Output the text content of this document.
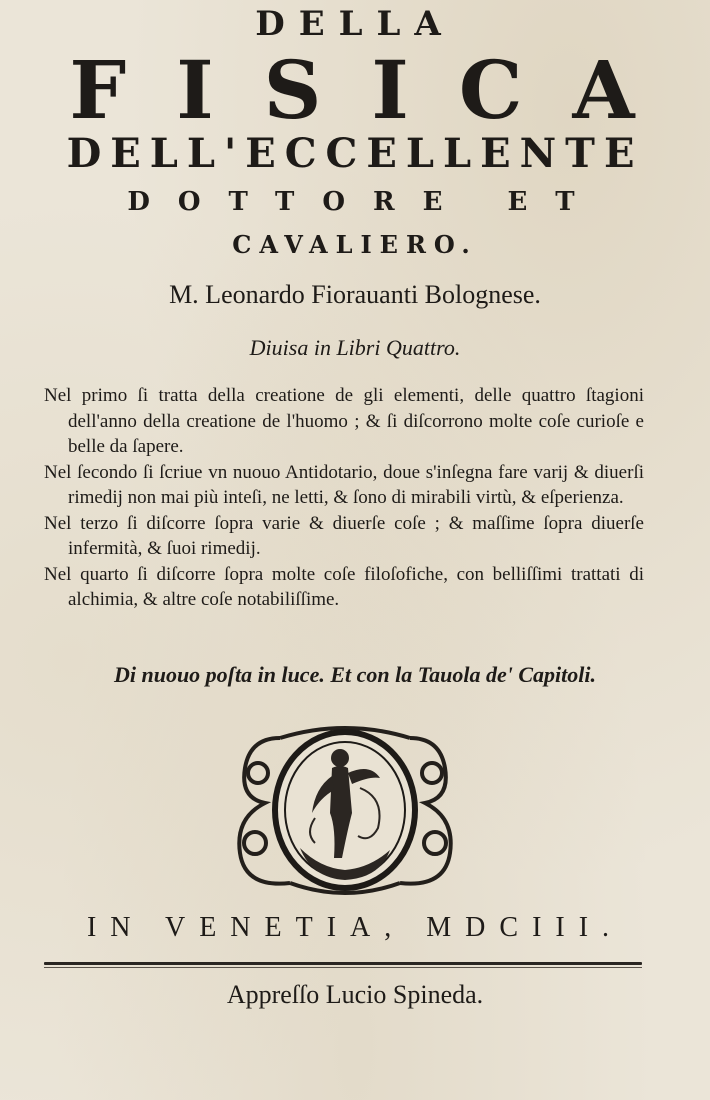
DELLA
FISICA
DELL'ECCELLENTE
DOTTORE ET
CAVALIERO.
M. Leonardo Fiorauanti Bolognese.
Diuisa in Libri Quattro.

Nel primo ſi tratta della creatione de gli elementi, delle quattro ſtagioni dell'anno della creatione de l'huomo ; & ſi diſcorrono molte coſe curioſe e belle da ſapere.

Nel ſecondo ſi ſcriue vn nuouo Antidotario, doue s'inſegna fare varij & diuerſi rimedij non mai più inteſi, ne letti, & ſono di mirabili virtù, & eſperienza.

Nel terzo ſi diſcorre ſopra varie & diuerſe coſe ; & maſſime ſopra diuerſe infermità, & ſuoi rimedij.

Nel quarto ſi diſcorre ſopra molte coſe filoſofiche, con belliſſimi trattati di alchimia, & altre coſe notabiliſſime.

Di nuouo poſta in luce. Et con la Tauola de' Capitoli.
IN VENETIA, MDCIII.
Appreſſo Lucio Spineda.
